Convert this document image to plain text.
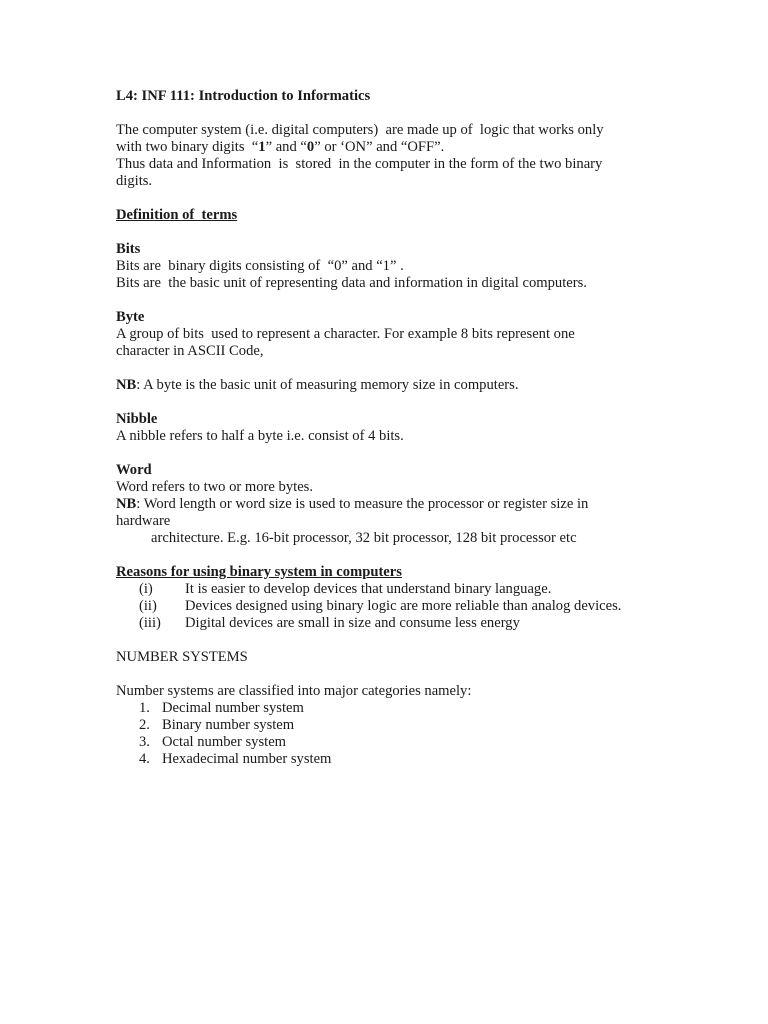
L4: INF 111: Introduction to Informatics

The computer system (i.e. digital computers)  are made up of  logic that works only

with two binary digits  “1” and “0” or ‘ON” and “OFF”.

Thus data and Information  is  stored  in the computer in the form of the two binary

digits.

Definition of  terms

Bits

Bits are  binary digits consisting of  “0” and “1” .

Bits are  the basic unit of representing data and information in digital computers.

Byte

A group of bits  used to represent a character. For example 8 bits represent one

character in ASCII Code,

NB: A byte is the basic unit of measuring memory size in computers.

Nibble

A nibble refers to half a byte i.e. consist of 4 bits.

Word

Word refers to two or more bytes.

NB: Word length or word size is used to measure the processor or register size in

hardware

architecture. E.g. 16-bit processor, 32 bit processor, 128 bit processor etc

Reasons for using binary system in computers

(i)	It is easier to develop devices that understand binary language.
(ii)	Devices designed using binary logic are more reliable than analog devices.
(iii)	Digital devices are small in size and consume less energy

NUMBER SYSTEMS

Number systems are classified into major categories namely:

1. Decimal number system
2. Binary number system
3. Octal number system
4. Hexadecimal number system
